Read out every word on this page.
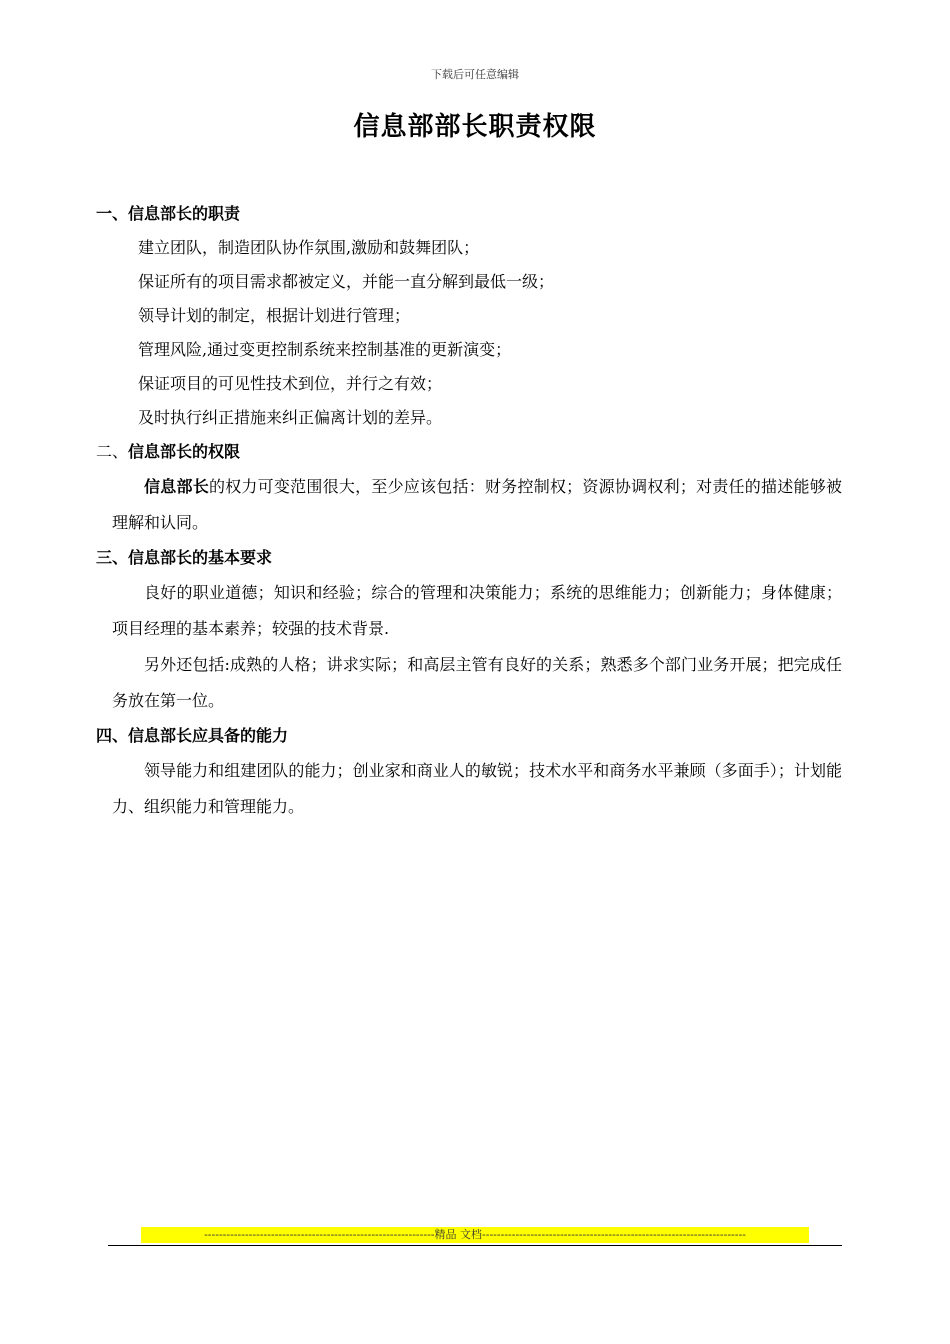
下载后可任意编辑
信息部部长职责权限
一、信息部长的职责
建立团队，制造团队协作氛围,激励和鼓舞团队；
保证所有的项目需求都被定义，并能一直分解到最低一级；
领导计划的制定，根据计划进行管理；
管理风险,通过变更控制系统来控制基准的更新演变；
保证项目的可见性技术到位，并行之有效；
及时执行纠正措施来纠正偏离计划的差异。
二、信息部长的权限

信息部长的权力可变范围很大，至少应该包括：财务控制权；资源协调权利；对责任的描述能够被理解和认同。

三、信息部长的基本要求

良好的职业道德；知识和经验；综合的管理和决策能力；系统的思维能力；创新能力；身体健康；项目经理的基本素养；较强的技术背景.

另外还包括:成熟的人格；讲求实际；和高层主管有良好的关系；熟悉多个部门业务开展；把完成任务放在第一位。

四、信息部长应具备的能力

领导能力和组建团队的能力；创业家和商业人的敏锐；技术水平和商务水平兼顾（多面手）；计划能力、组织能力和管理能力。

--------------------------------------------------------------精品 文档-----------------------------------------------------------------------
